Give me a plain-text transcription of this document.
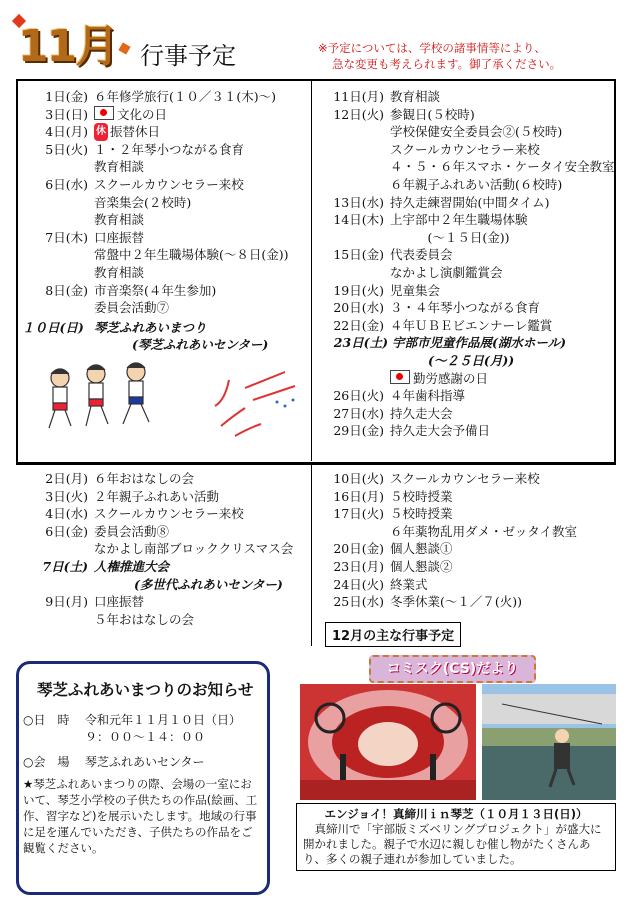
11月 行事予定	※予定については、学校の諸事情等により、
急な変更も考えられます。御了承ください。
1日(金) ６年修学旅行(１０／３１(木)～)
3日(日)	文化の日
4日(月) 休 振替休日
5日(火) １・２年琴小つながる食育
教育相談
6日(水) スクールカウンセラー来校
音楽集会(２校時)
教育相談
7日(木) 口座振替
常盤中２年生職場体験(～８日(金))
教育相談
8日(金) 市音楽祭(４年生参加)
委員会活動⑦
１０日(日) 琴芝ふれあいまつり
(琴芝ふれあいセンター)
11日(月) 教育相談
12日(火) 参観日(５校時)
学校保健安全委員会②(５校時)
スクールカウンセラー来校
４・５・６年スマホ・ケータイ安全教室
６年親子ふれあい活動(６校時)
13日(水) 持久走練習開始(中間タイム)
14日(木) 上宇部中２年生職場体験
　　　(～１５日(金))
15日(金) 代表委員会
なかよし演劇鑑賞会
19日(火) 児童集会
20日(水) ３・４年琴小つながる食育
22日(金) ４年ＵＢＥビエンナーレ鑑賞
23日(土) 宇部市児童作品展(湖水ホール)
(～２５日(月))
勤労感謝の日
26日(火) ４年歯科指導
27日(水) 持久走大会
29日(金) 持久走大会予備日
2日(月) ６年おはなしの会
3日(火) ２年親子ふれあい活動
4日(水) スクールカウンセラー来校
6日(金) 委員会活動⑧
なかよし南部ブロッククリスマス会
7日(土) 人権推進大会
(多世代ふれあいセンター)
9日(月) 口座振替
５年おはなしの会
10日(火) スクールカウンセラー来校
16日(月) ５校時授業
17日(火) ５校時授業
６年薬物乱用ダメ・ゼッタイ教室
20日(金) 個人懇談①
23日(月) 個人懇談②
24日(火) 終業式
25日(水) 冬季休業(～１／７(火))
12月の主な行事予定
琴芝ふれあいまつりのお知らせ
○日　時	令和元年１１月１０日（日）
９：００～１４：００
○会　場	琴芝ふれあいセンター
★琴芝ふれあいまつりの際、会場の一室において、琴芝小学校の子供たちの作品(絵画、工作、習字など)を展示いたします。地域の行事に足を運んでいただき、子供たちの作品をご観覧ください。
コミスク(CS)だより
エンジョイ！真締川ｉｎ琴芝（１０月１３日(日)）
真締川で「宇部版ミズベリングプロジェクト」が盛大に開かれました。親子で水辺に親しむ催し物がたくさんあり、多くの親子連れが参加していました。
